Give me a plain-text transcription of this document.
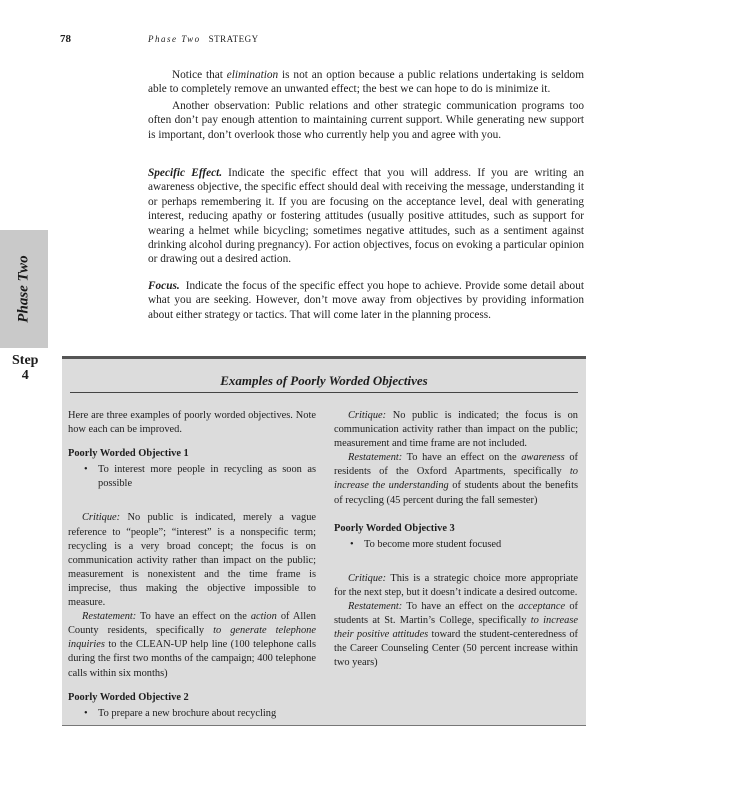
78	Phase Two STRATEGY

Notice that elimination is not an option because a public relations undertaking is seldom able to completely remove an unwanted effect; the best we can hope to do is minimize it.

Another observation: Public relations and other strategic communication programs too often don’t pay enough attention to maintaining current support. While generating new support is important, don’t overlook those who currently help you and agree with you.

Specific Effect. Indicate the specific effect that you will address. If you are writing an awareness objective, the specific effect should deal with receiving the message, understanding it or perhaps remembering it. If you are focusing on the acceptance level, deal with generating interest, reducing apathy or fostering attitudes (usually positive attitudes, such as support for wearing a helmet while bicycling; sometimes negative attitudes, such as a sentiment against drinking alcohol during pregnancy). For action objectives, focus on evoking a particular opinion or drawing out a desired action.

Focus. Indicate the focus of the specific effect you hope to achieve. Provide some detail about what you are seeking. However, don’t move away from objectives by providing information about either strategy or tactics. That will come later in the planning process.

Phase Two
Step
4	Examples of Poorly Worded Objectives

Here are three examples of poorly worded objectives. Note how each can be improved.

Poorly Worded Objective 1

• To interest more people in recycling as soon as possible

Critique: No public is indicated, merely a vague reference to “people”; “interest” is a nonspecific term; recycling is a very broad concept; the focus is on communication activity rather than impact on the public; measurement is nonexistent and the time frame is imprecise, thus making the objective impossible to measure.

Restatement: To have an effect on the action of Allen County residents, specifically to generate telephone inquiries to the CLEAN-UP help line (100 telephone calls during the first two months of the campaign; 400 telephone calls within six months)

Poorly Worded Objective 2

• To prepare a new brochure about recycling

Critique: No public is indicated; the focus is on communication activity rather than impact on the public; measurement and time frame are not included.

Restatement: To have an effect on the awareness of residents of the Oxford Apartments, specifically to increase the understanding of students about the benefits of recycling (45 percent during the fall semester)

Poorly Worded Objective 3

• To become more student focused

Critique: This is a strategic choice more appropriate for the next step, but it doesn’t indicate a desired outcome.

Restatement: To have an effect on the acceptance of students at St. Martin’s College, specifically to increase their positive attitudes toward the student-centeredness of the Career Counseling Center (50 percent increase within two years)
